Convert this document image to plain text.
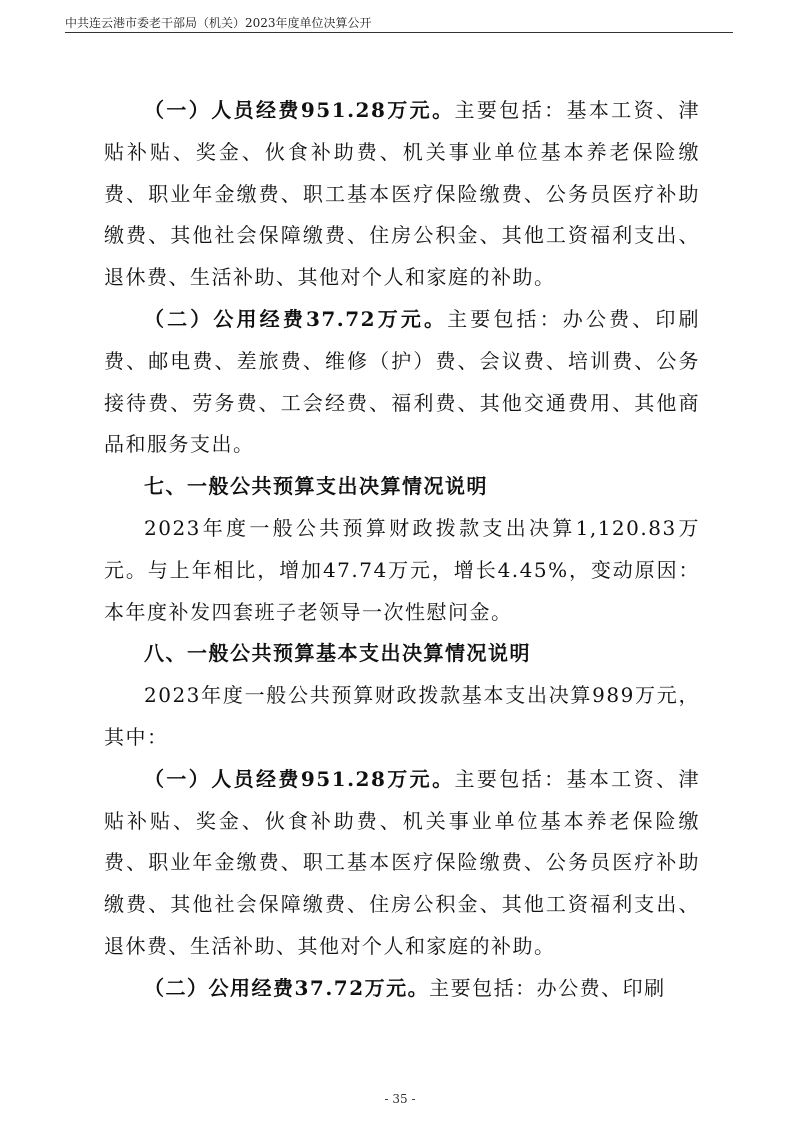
中共连云港市委老干部局（机关）2023年度单位决算公开

（一）人员经费951.28万元。主要包括：基本工资、津贴补贴、奖金、伙食补助费、机关事业单位基本养老保险缴费、职业年金缴费、职工基本医疗保险缴费、公务员医疗补助缴费、其他社会保障缴费、住房公积金、其他工资福利支出、退休费、生活补助、其他对个人和家庭的补助。

（二）公用经费37.72万元。主要包括：办公费、印刷费、邮电费、差旅费、维修（护）费、会议费、培训费、公务接待费、劳务费、工会经费、福利费、其他交通费用、其他商品和服务支出。

七、一般公共预算支出决算情况说明

2023年度一般公共预算财政拨款支出决算1,120.83万元。与上年相比，增加47.74万元，增长4.45%，变动原因：本年度补发四套班子老领导一次性慰问金。

八、一般公共预算基本支出决算情况说明

2023年度一般公共预算财政拨款基本支出决算989万元，其中：

（一）人员经费951.28万元。主要包括：基本工资、津贴补贴、奖金、伙食补助费、机关事业单位基本养老保险缴费、职业年金缴费、职工基本医疗保险缴费、公务员医疗补助缴费、其他社会保障缴费、住房公积金、其他工资福利支出、退休费、生活补助、其他对个人和家庭的补助。

（二）公用经费37.72万元。主要包括：办公费、印刷

- 35 -
